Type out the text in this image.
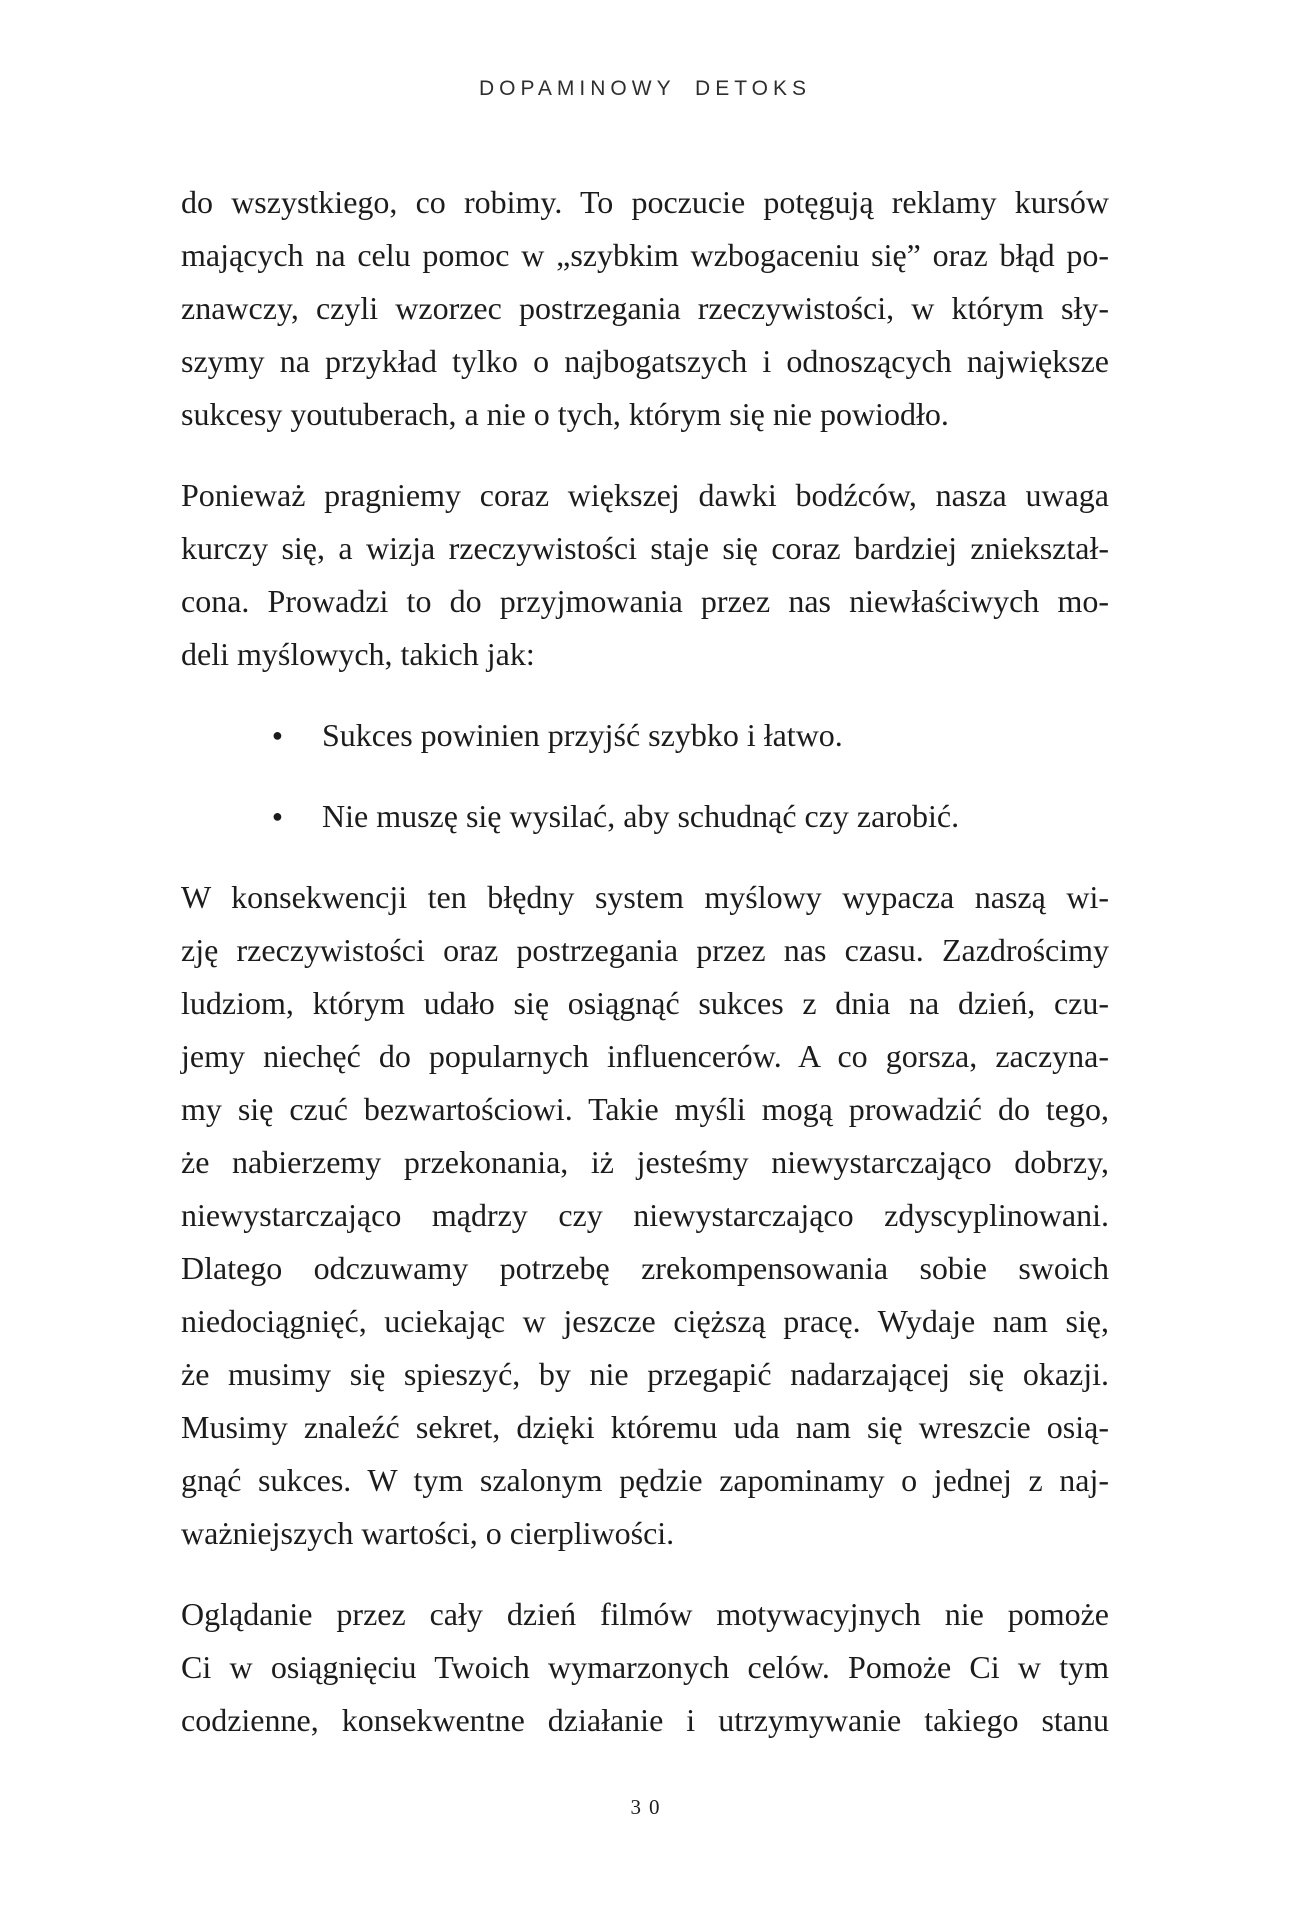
DOPAMINOWY DETOKS

do wszystkiego, co robimy. To poczucie potęgują reklamy kursów
mających na celu pomoc w „szybkim wzbogaceniu się” oraz błąd po-
znawczy, czyli wzorzec postrzegania rzeczywistości, w którym sły-
szymy na przykład tylko o najbogatszych i odnoszących największe
sukcesy youtuberach, a nie o tych, którym się nie powiodło.

Ponieważ pragniemy coraz większej dawki bodźców, nasza uwaga
kurczy się, a wizja rzeczywistości staje się coraz bardziej zniekształ-
cona. Prowadzi to do przyjmowania przez nas niewłaściwych mo-
deli myślowych, takich jak:

●	Sukces powinien przyjść szybko i łatwo.
●	Nie muszę się wysilać, aby schudnąć czy zarobić.

W konsekwencji ten błędny system myślowy wypacza naszą wi-
zję rzeczywistości oraz postrzegania przez nas czasu. Zazdrościmy
ludziom, którym udało się osiągnąć sukces z dnia na dzień, czu-
jemy niechęć do popularnych influencerów. A co gorsza, zaczyna-
my się czuć bezwartościowi. Takie myśli mogą prowadzić do tego,
że nabierzemy przekonania, iż jesteśmy niewystarczająco dobrzy,
niewystarczająco mądrzy czy niewystarczająco zdyscyplinowani.
Dlatego odczuwamy potrzebę zrekompensowania sobie swoich
niedociągnięć, uciekając w jeszcze cięższą pracę. Wydaje nam się,
że musimy się spieszyć, by nie przegapić nadarzającej się okazji.
Musimy znaleźć sekret, dzięki któremu uda nam się wreszcie osią-
gnąć sukces. W tym szalonym pędzie zapominamy o jednej z naj-
ważniejszych wartości, o cierpliwości.

Oglądanie przez cały dzień filmów motywacyjnych nie pomoże
Ci w osiągnięciu Twoich wymarzonych celów. Pomoże Ci w tym
codzienne, konsekwentne działanie i utrzymywanie takiego stanu

30
